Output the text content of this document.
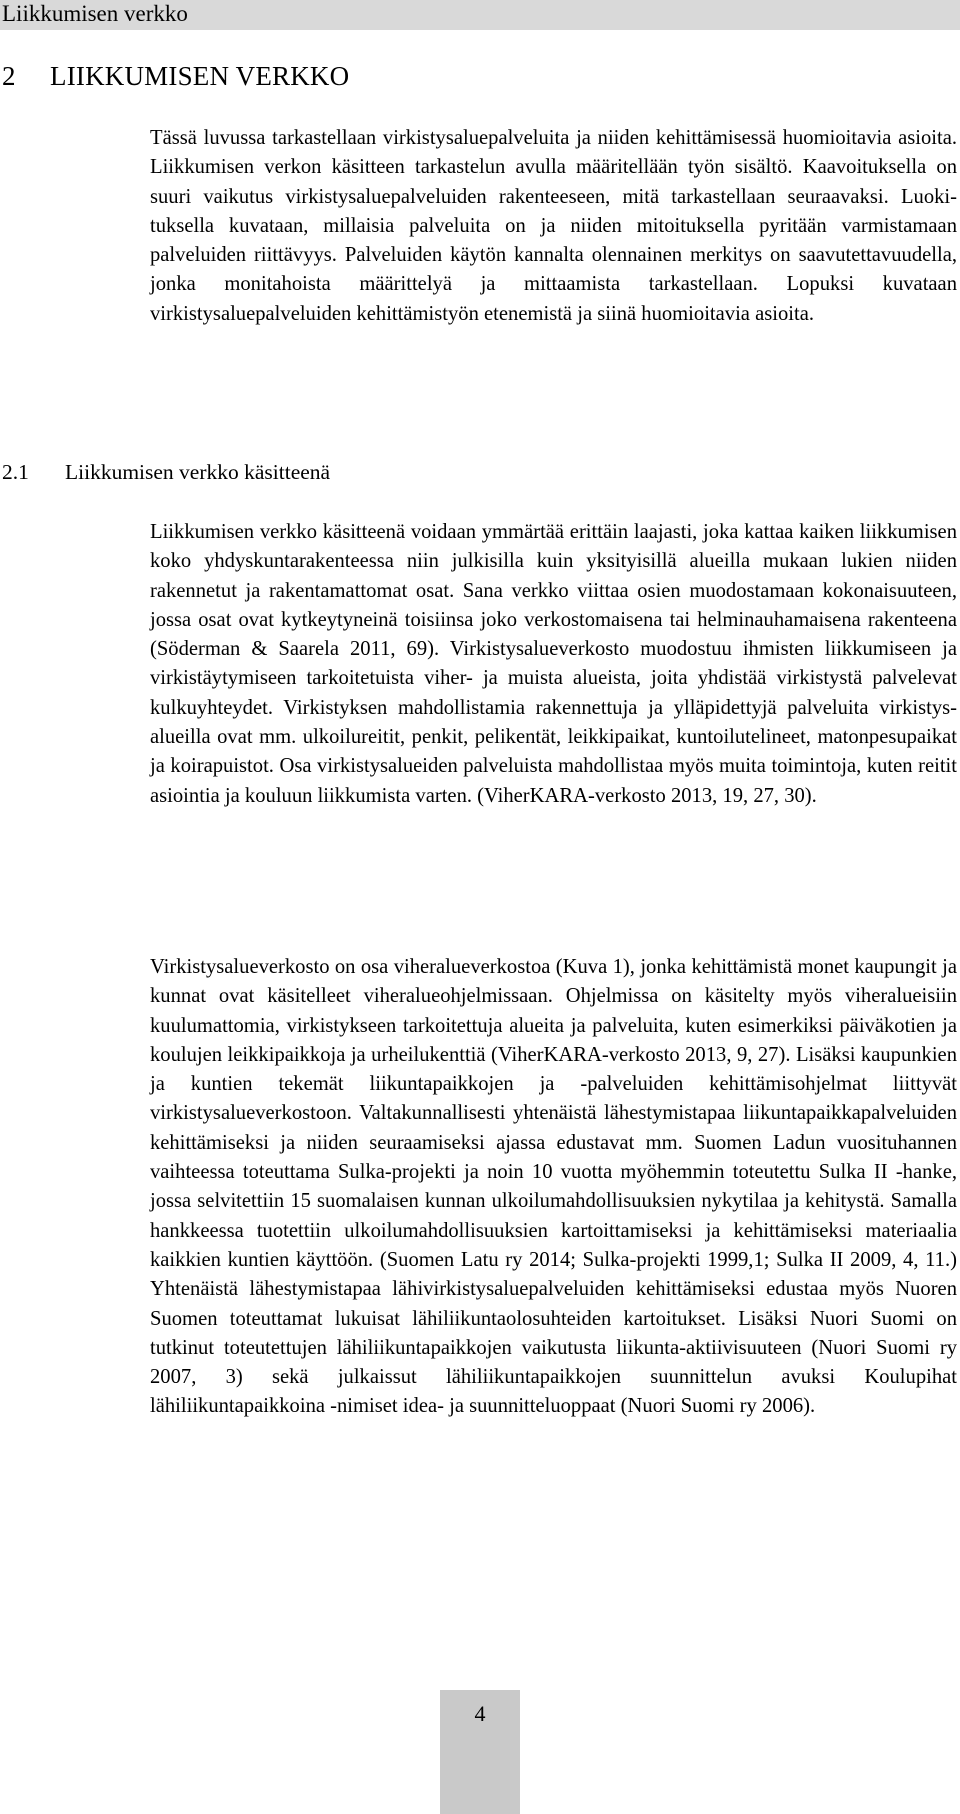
Liikkumisen verkko
2 LIIKKUMISEN VERKKO

Tässä luvussa tarkastellaan virkistysaluepalveluita ja niiden kehittämisessä huomioitavia asioita. Liikkumisen verkon käsitteen tarkastelun avulla määritellään työn sisältö. Kaavoituksella on suuri vaikutus virkistysaluepalveluiden rakenteeseen, mitä tarkastellaan seuraavaksi. Luokituksella kuvataan, millaisia palveluita on ja niiden mitoituksella pyritään varmistamaan palveluiden riittävyys. Palveluiden käytön kannalta olennainen merkitys on saavutettavuudella, jonka monitahoista määrittelyä ja mittaamista tarkastellaan. Lopuksi kuvataan virkistysaluepalveluiden kehittämistyön etenemistä ja siinä huomioitavia asioita.

2.1 Liikkumisen verkko käsitteenä

Liikkumisen verkko käsitteenä voidaan ymmärtää erittäin laajasti, joka kattaa kaiken liikkumisen koko yhdyskuntarakenteessa niin julkisilla kuin yksityisillä alueilla mukaan lukien niiden rakennetut ja rakentamattomat osat. Sana verkko viittaa osien muodostamaan kokonaisuuteen, jossa osat ovat kytkeytyneinä toisiinsa joko verkostomaisena tai helminauhamaisena rakenteena (Söderman & Saarela 2011, 69). Virkistysalueverkosto muodostuu ihmisten liikkumiseen ja virkistäytymiseen tarkoitetuista viher- ja muista alueista, joita yhdistää virkistystä palvelevat kulkuyhteydet. Virkistyksen mahdollistamia rakennettuja ja ylläpidettyjä palveluita virkistysalueilla ovat mm. ulkoilureitit, penkit, pelikentät, leikkipaikat, kuntoilutelineet, matonpesupaikat ja koirapuistot. Osa virkistysalueiden palveluista mahdollistaa myös muita toimintoja, kuten reitit asiointia ja kouluun liikkumista varten. (ViherKARA-verkosto 2013, 19, 27, 30).

Virkistysalueverkosto on osa viheralueverkostoa (Kuva 1), jonka kehittämistä monet kaupungit ja kunnat ovat käsitelleet viheralueohjelmissaan. Ohjelmissa on käsitelty myös viheralueisiin kuulumattomia, virkistykseen tarkoitettuja alueita ja palveluita, kuten esimerkiksi päiväkotien ja koulujen leikkipaikkoja ja urheilukenttiä (ViherKARA-verkosto 2013, 9, 27). Lisäksi kaupunkien ja kuntien tekemät liikuntapaikkojen ja -palveluiden kehittämisohjelmat liittyvät virkistysalueverkostoon. Valtakunnallisesti yhtenäistä lähestymistapaa liikuntapaikkapalveluiden kehittämiseksi ja niiden seuraamiseksi ajassa edustavat mm. Suomen Ladun vuosituhannen vaihteessa toteuttama Sulka-projekti ja noin 10 vuotta myöhemmin toteutettu Sulka II -hanke, jossa selvitettiin 15 suomalaisen kunnan ulkoilumahdollisuuksien nykytilaa ja kehitystä. Samalla hankkeessa tuotettiin ulkoilumahdollisuuksien kartoittamiseksi ja kehittämiseksi materiaalia kaikkien kuntien käyttöön. (Suomen Latu ry 2014; Sulka-projekti 1999,1; Sulka II 2009, 4, 11.) Yhtenäistä lähestymistapaa lähivirkistysaluepalveluiden kehittämiseksi edustaa myös Nuoren Suomen toteuttamat lukuisat lähiliikuntaolosuhteiden kartoitukset. Lisäksi Nuori Suomi on tutkinut toteutettujen lähiliikuntapaikkojen vaikutusta liikunta-aktiivisuuteen (Nuori Suomi ry 2007, 3) sekä julkaissut lähiliikuntapaikkojen suunnittelun avuksi Koulupihat lähiliikuntapaikkoina -nimiset idea- ja suunnitteluoppaat (Nuori Suomi ry 2006).

4
